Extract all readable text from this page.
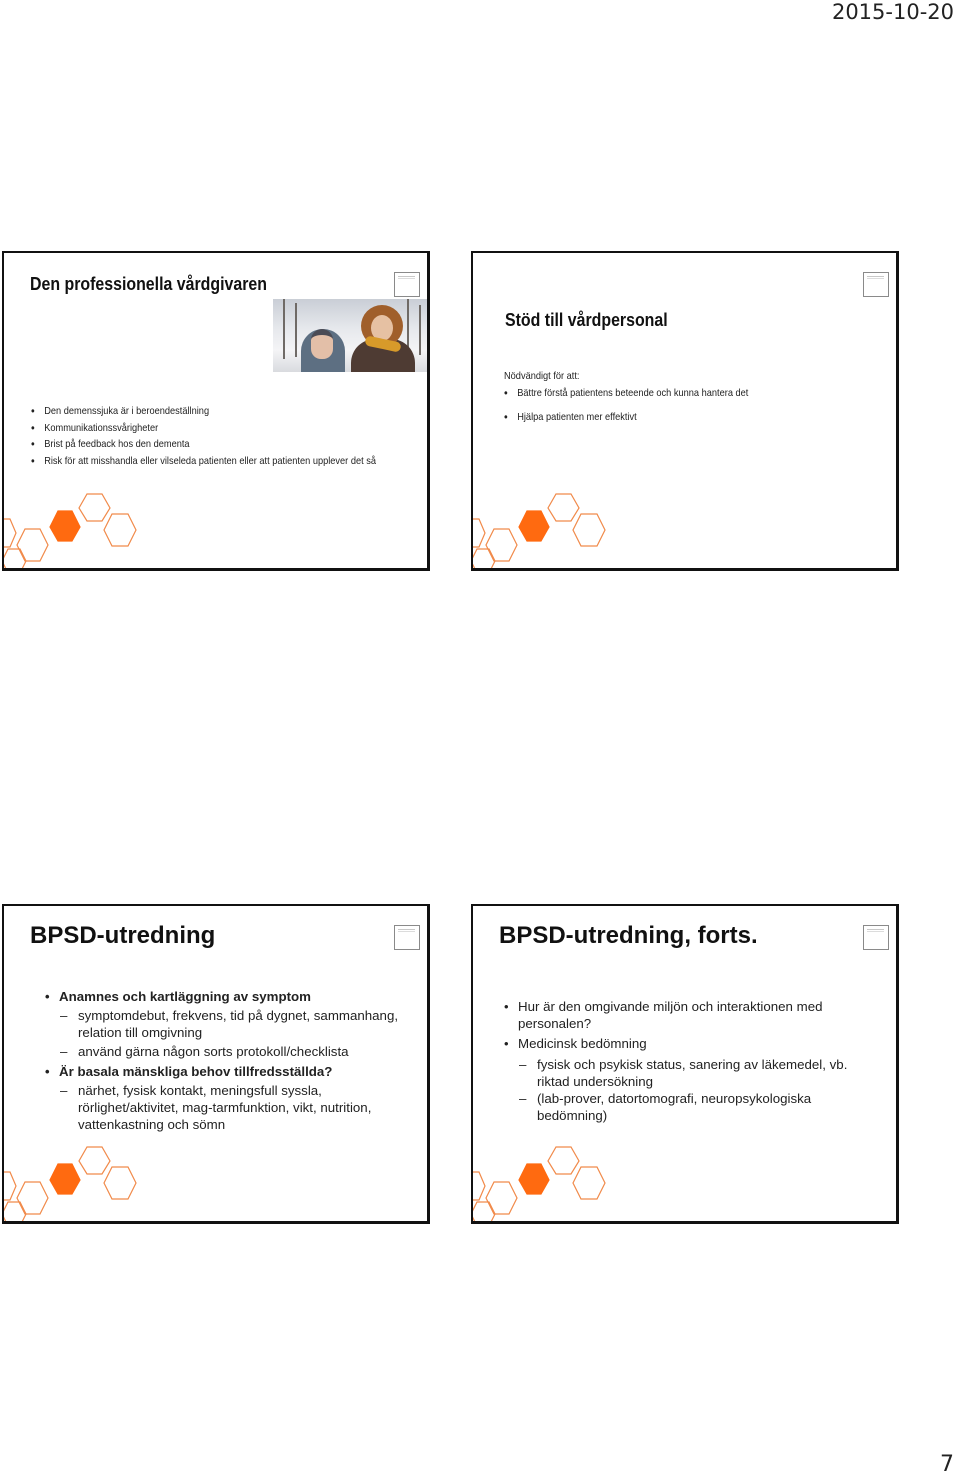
2015-10-20
Den professionella vårdgivaren
• Den demenssjuka är i beroendeställning
• Kommunikationssvårigheter
• Brist på feedback hos den dementa
• Risk för att misshandla eller vilseleda patienten eller att patienten upplever det så
Stöd till vårdpersonal
Nödvändigt för att:
• Bättre förstå patientens beteende och kunna hantera det
• Hjälpa patienten mer effektivt
BPSD-utredning
• Anamnes och kartläggning av symptom
– symptomdebut, frekvens, tid på dygnet, sammanhang, relation till omgivning
– använd gärna någon sorts protokoll/checklista
• Är basala mänskliga behov tillfredsställda?
– närhet, fysisk kontakt, meningsfull syssla, rörlighet/aktivitet, mag-tarmfunktion, vikt, nutrition, vattenkastning och sömn
BPSD-utredning, forts.
• Hur är den omgivande miljön och interaktionen med personalen?
• Medicinsk bedömning
– fysisk och psykisk status, sanering av läkemedel, vb. riktad undersökning
– (lab-prover, datortomografi, neuropsykologiska bedömning)
7
